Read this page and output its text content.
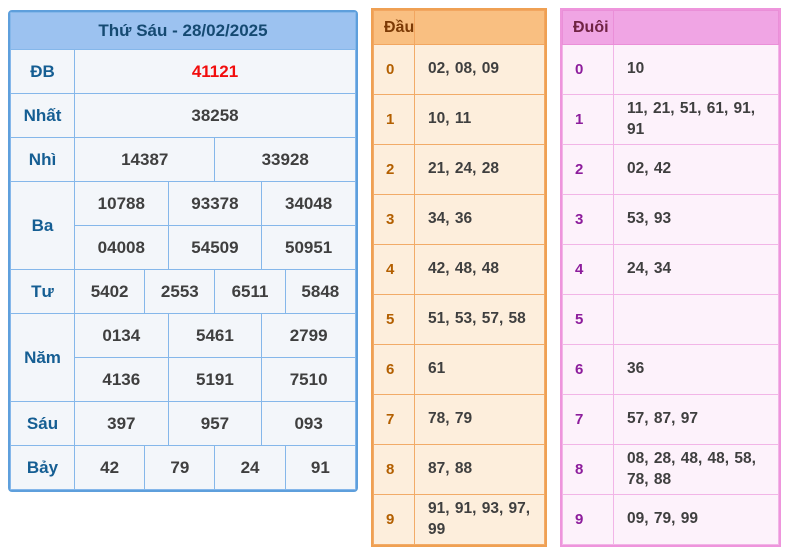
Thứ Sáu - 28/02/2025						
ĐB	41121					
Nhất	38258					
Nhì	14387			33928		
Ba	10788		93378		34048	
	04008		54509		50951	
Tư	5402	2553		6511		5848
Năm	0134		5461		2799	
	4136		5191		7510	
Sáu	397		957		093	
Bảy	42	79		24		91
Đầu	
0	02, 08, 09
1	10, 11
2	21, 24, 28
3	34, 36
4	42, 48, 48
5	51, 53, 57, 58
6	61
7	78, 79
8	87, 88
9	91, 91, 93, 97, 99
Đuôi	
0	10
1	11, 21, 51, 61, 91, 91
2	02, 42
3	53, 93
4	24, 34
5	
6	36
7	57, 87, 97
8	08, 28, 48, 48, 58, 78, 88
9	09, 79, 99
